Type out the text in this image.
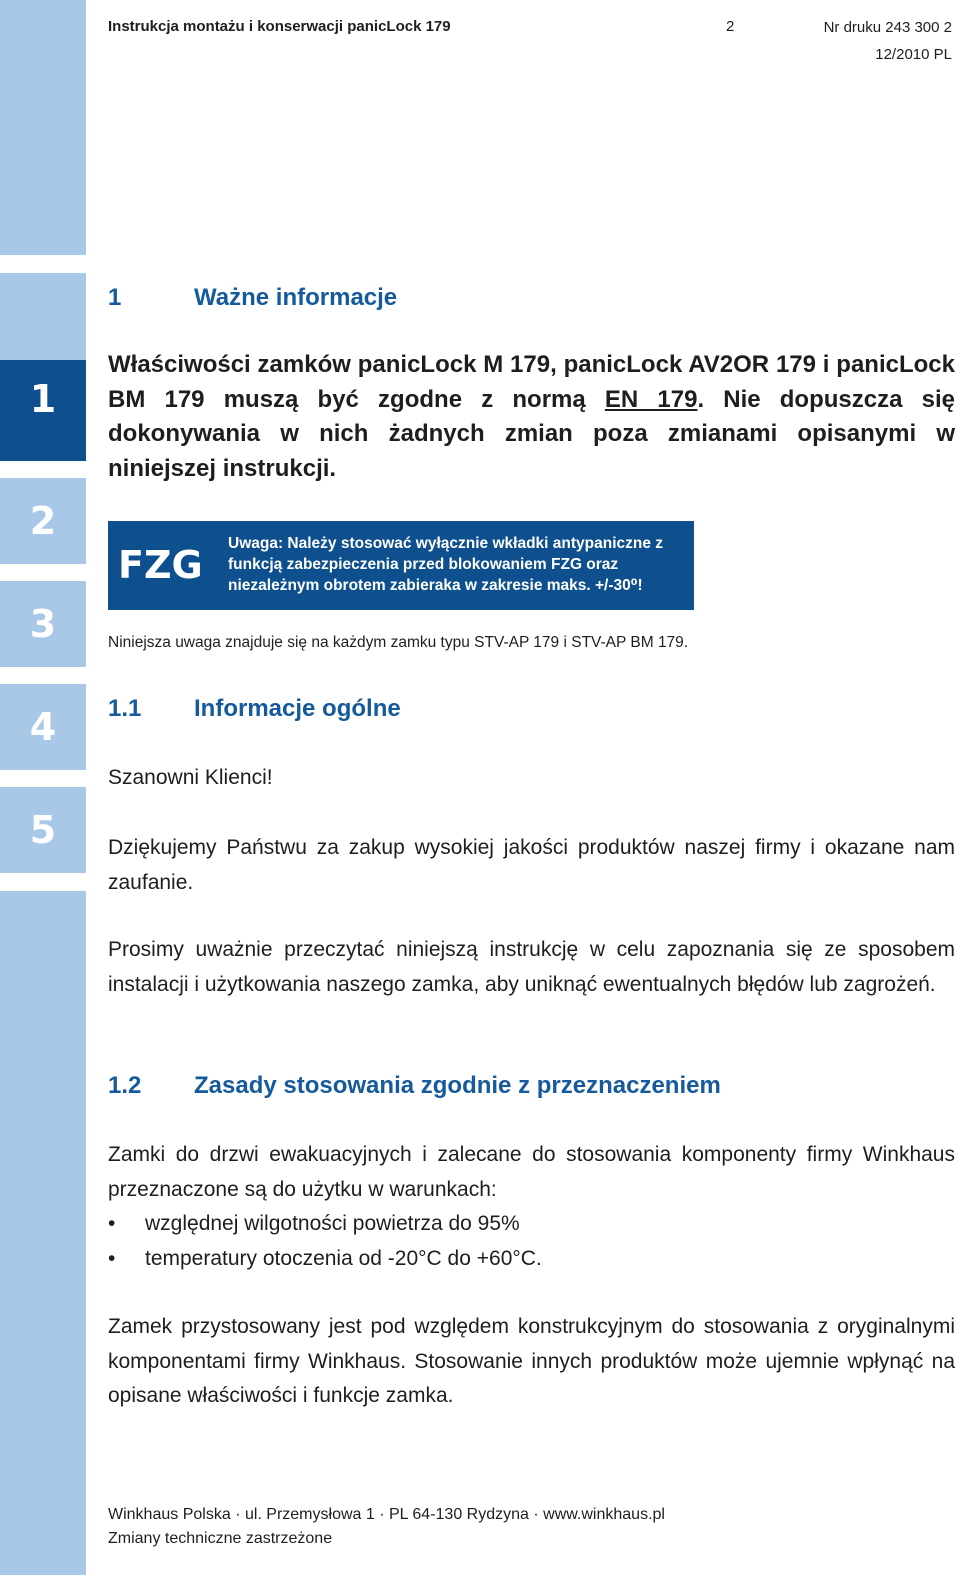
1
2
3
4
5
Instrukcja montażu i konserwacji panicLock 179	2	Nr druku 243 300 2
12/2010 PL
1	Ważne informacje
Właściwości zamków panicLock M 179, panicLock AV2OR 179 i panicLock BM 179 muszą być zgodne z normą EN 179. Nie dopuszcza się dokonywania w nich żadnych zmian poza zmianami opisanymi w niniejszej instrukcji.
FZG Uwaga: Należy stosować wyłącznie wkładki antypaniczne z funkcją zabezpieczenia przed blokowaniem FZG oraz niezależnym obrotem zabieraka w zakresie maks. +/-30⁰!
Niniejsza uwaga znajduje się na każdym zamku typu STV-AP 179 i STV-AP BM 179.
1.1 Informacje ogólne
Szanowni Klienci!
Dziękujemy Państwu za zakup wysokiej jakości produktów naszej firmy i okazane nam zaufanie.
Prosimy uważnie przeczytać niniejszą instrukcję w celu zapoznania się ze sposobem instalacji i użytkowania naszego zamka, aby uniknąć ewentualnych błędów lub zagrożeń.
1.2 Zasady stosowania zgodnie z przeznaczeniem
Zamki do drzwi ewakuacyjnych i zalecane do stosowania komponenty firmy Winkhaus przeznaczone są do użytku w warunkach:
• względnej wilgotności powietrza do 95%
• temperatury otoczenia od -20°C do +60°C.
Zamek przystosowany jest pod względem konstrukcyjnym do stosowania z oryginalnymi komponentami firmy Winkhaus. Stosowanie innych produktów może ujemnie wpłynąć na opisane właściwości i funkcje zamka.
Winkhaus Polska · ul. Przemysłowa 1 · PL 64-130 Rydzyna · www.winkhaus.pl
Zmiany techniczne zastrzeżone
